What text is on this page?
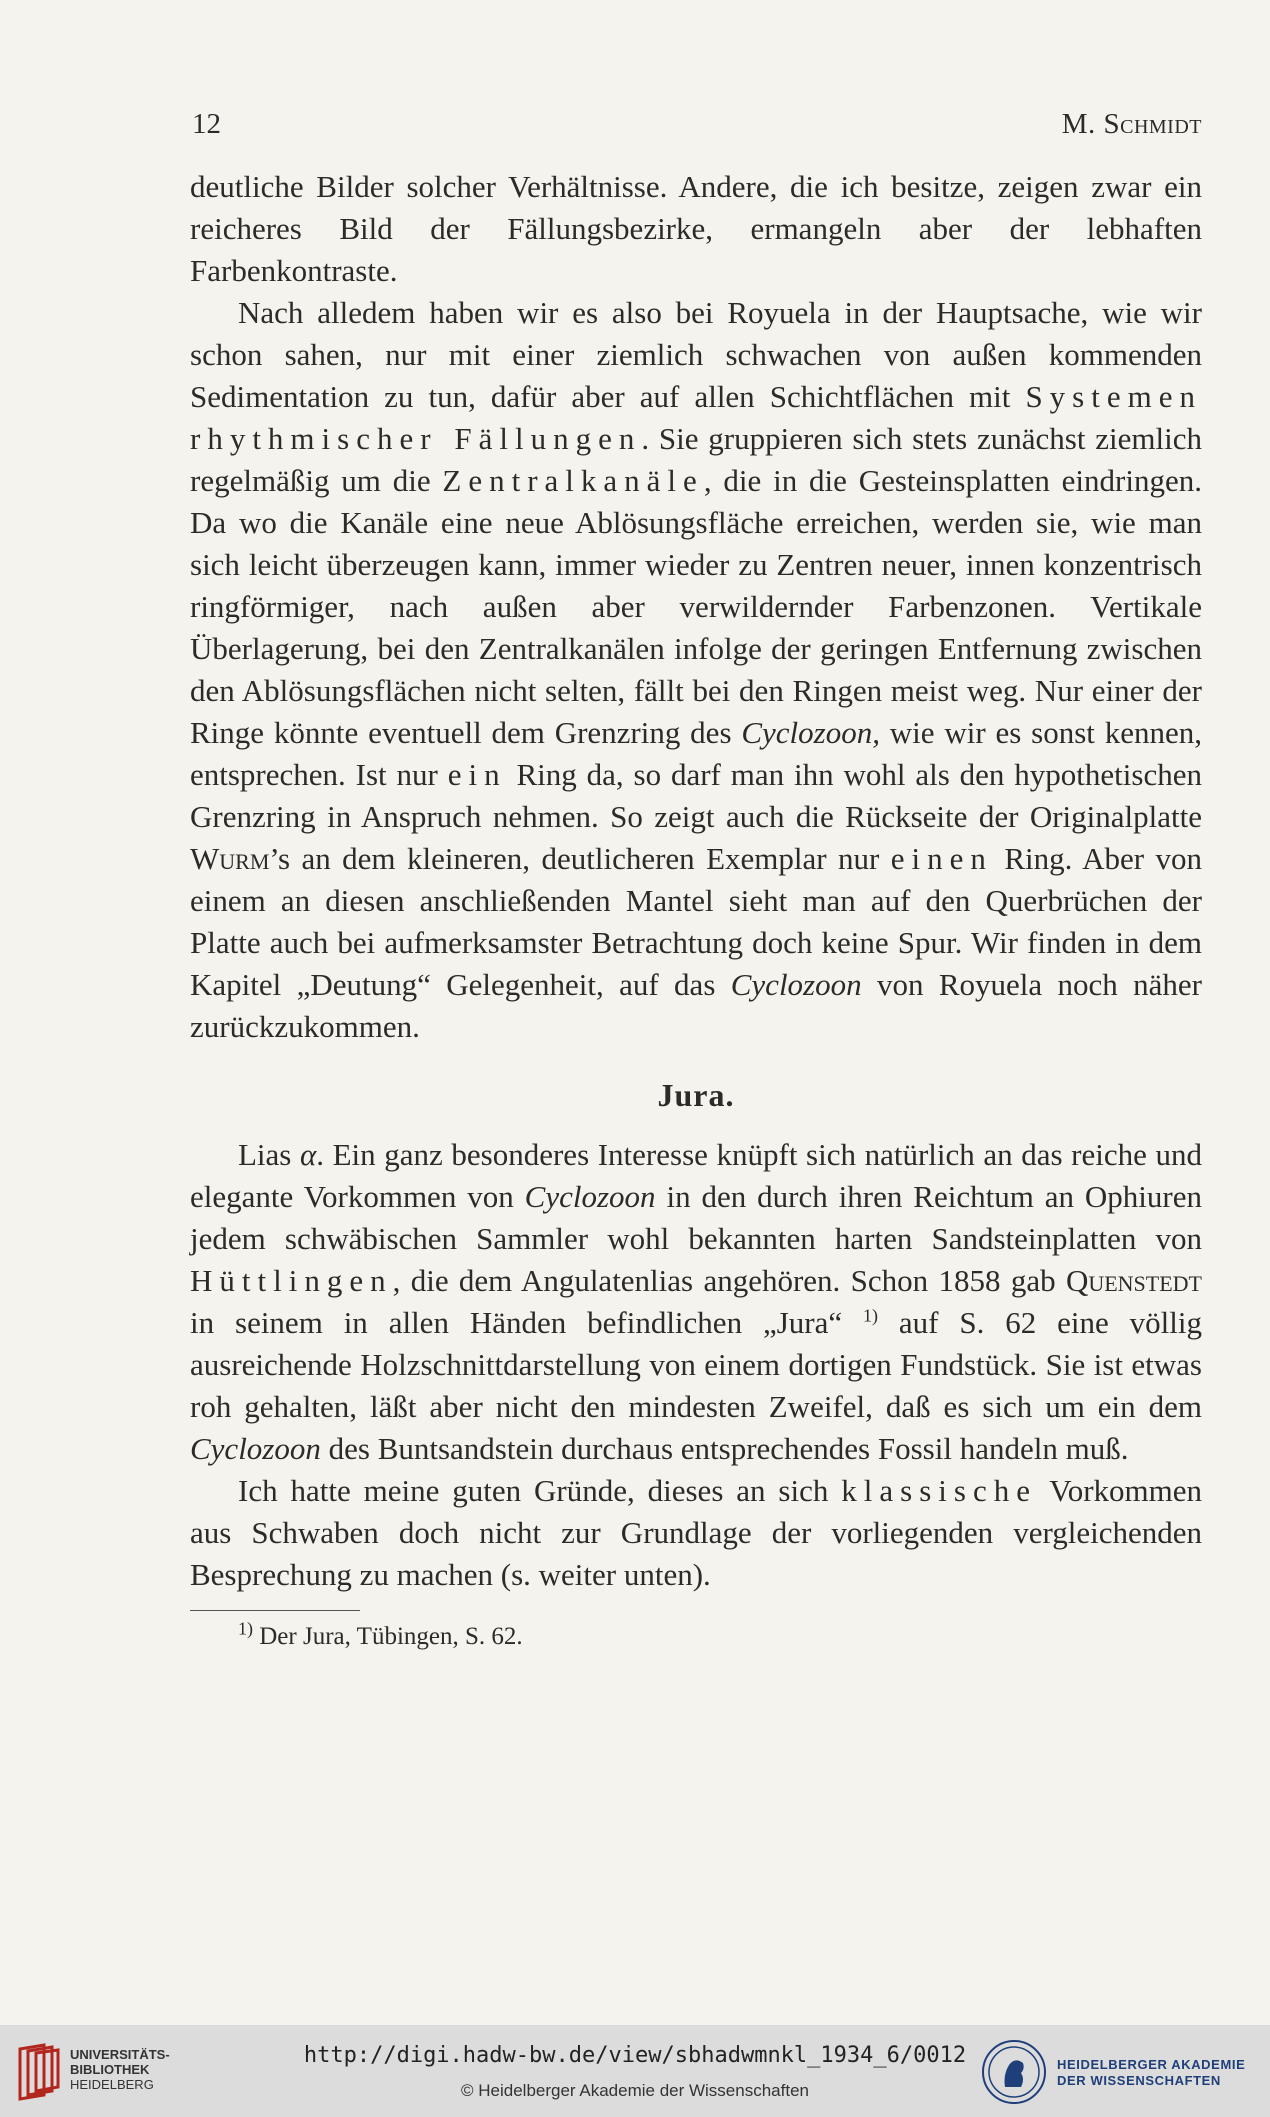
12	M. Schmidt

deutliche Bilder solcher Verhältnisse. Andere, die ich besitze, zeigen zwar ein reicheres Bild der Fällungsbezirke, ermangeln aber der lebhaften Farbenkontraste.

Nach alledem haben wir es also bei Royuela in der Hauptsache, wie wir schon sahen, nur mit einer ziemlich schwachen von außen kommenden Sedimentation zu tun, dafür aber auf allen Schichtflächen mit Systemen rhythmischer Fällungen. Sie gruppieren sich stets zunächst ziemlich regelmäßig um die Zentralkanäle, die in die Gesteinsplatten eindringen. Da wo die Kanäle eine neue Ablösungsfläche erreichen, werden sie, wie man sich leicht überzeugen kann, immer wieder zu Zentren neuer, innen konzentrisch ringförmiger, nach außen aber verwildernder Farbenzonen. Vertikale Überlagerung, bei den Zentralkanälen infolge der geringen Entfernung zwischen den Ablösungsflächen nicht selten, fällt bei den Ringen meist weg. Nur einer der Ringe könnte eventuell dem Grenzring des Cyclozoon, wie wir es sonst kennen, entsprechen. Ist nur ein Ring da, so darf man ihn wohl als den hypothetischen Grenzring in Anspruch nehmen. So zeigt auch die Rückseite der Originalplatte Wurm’s an dem kleineren, deutlicheren Exemplar nur einen Ring. Aber von einem an diesen anschließenden Mantel sieht man auf den Querbrüchen der Platte auch bei aufmerksamster Betrachtung doch keine Spur. Wir finden in dem Kapitel „Deutung“ Gelegenheit, auf das Cyclozoon von Royuela noch näher zurückzukommen.

Jura.

Lias α. Ein ganz besonderes Interesse knüpft sich natürlich an das reiche und elegante Vorkommen von Cyclozoon in den durch ihren Reichtum an Ophiuren jedem schwäbischen Sammler wohl bekannten harten Sandsteinplatten von Hüttlingen, die dem Angulatenlias angehören. Schon 1858 gab Quenstedt in seinem in allen Händen befindlichen „Jura“ $^{1)}$ auf S. 62 eine völlig ausreichende Holzschnittdarstellung von einem dortigen Fundstück. Sie ist etwas roh gehalten, läßt aber nicht den mindesten Zweifel, daß es sich um ein dem Cyclozoon des Buntsandstein durchaus entsprechendes Fossil handeln muß.

Ich hatte meine guten Gründe, dieses an sich klassische Vorkommen aus Schwaben doch nicht zur Grundlage der vorliegenden vergleichenden Besprechung zu machen (s. weiter unten).

$^{1)}$ Der Jura, Tübingen, S. 62.
UNIVERSITÄTS-
BIBLIOTHEK
HEIDELBERG
http://digi.hadw-bw.de/view/sbhadwmnkl_1934_6/0012
© Heidelberger Akademie der Wissenschaften
HEIDELBERGER AKADEMIE
DER WISSENSCHAFTEN
